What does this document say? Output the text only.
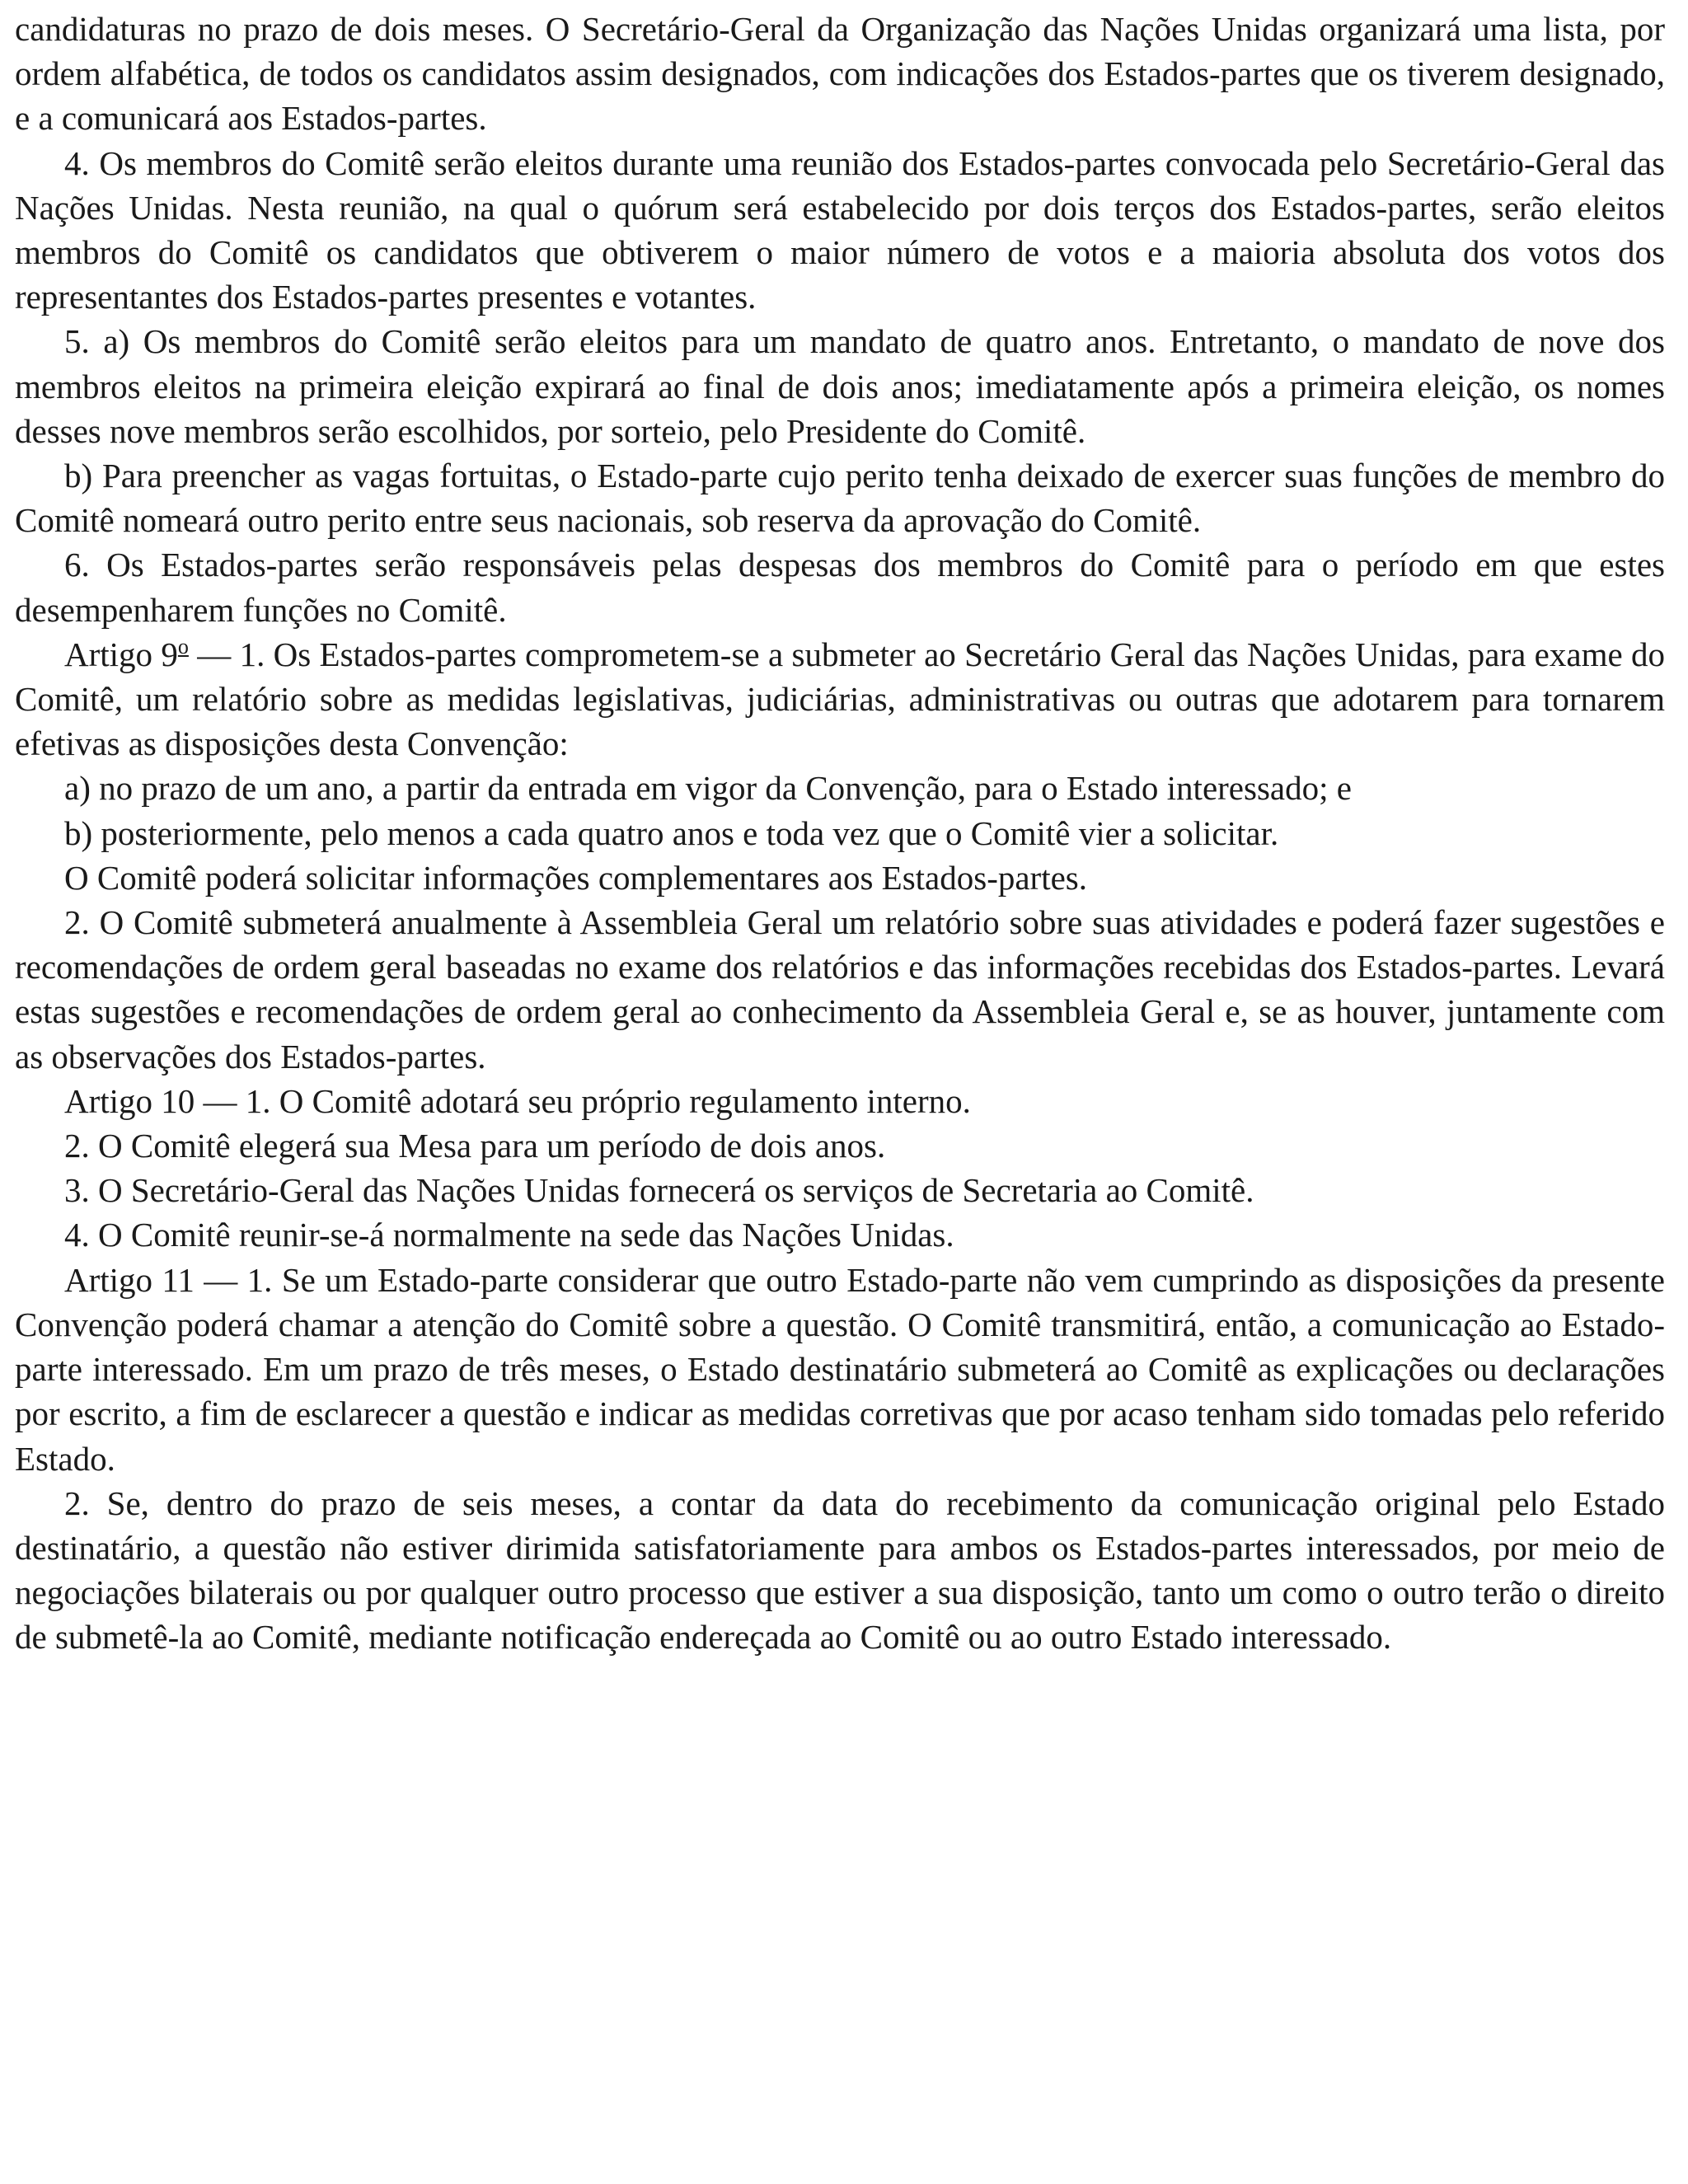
candidaturas no prazo de dois meses. O Secretário-Geral da Organização das Nações Unidas organizará uma lista, por ordem alfabética, de todos os candidatos assim designados, com indicações dos Estados-partes que os tiverem designado, e a comunicará aos Estados-partes.

4. Os membros do Comitê serão eleitos durante uma reunião dos Estados-partes convocada pelo Secretário-Geral das Nações Unidas. Nesta reunião, na qual o quórum será estabelecido por dois terços dos Estados-partes, serão eleitos membros do Comitê os candidatos que obtiverem o maior número de votos e a maioria absoluta dos votos dos representantes dos Estados-partes presentes e votantes.

5. a) Os membros do Comitê serão eleitos para um mandato de quatro anos. Entretanto, o mandato de nove dos membros eleitos na primeira eleição expirará ao final de dois anos; imediatamente após a primeira eleição, os nomes desses nove membros serão escolhidos, por sorteio, pelo Presidente do Comitê.

b) Para preencher as vagas fortuitas, o Estado-parte cujo perito tenha deixado de exercer suas funções de membro do Comitê nomeará outro perito entre seus nacionais, sob reserva da aprovação do Comitê.

6. Os Estados-partes serão responsáveis pelas despesas dos membros do Comitê para o período em que estes desempenharem funções no Comitê.

Artigo 9$^o$ — 1. Os Estados-partes comprometem-se a submeter ao Secretário Geral das Nações Unidas, para exame do Comitê, um relatório sobre as medidas legislativas, judiciárias, administrativas ou outras que adotarem para tornarem efetivas as disposições desta Convenção:

a) no prazo de um ano, a partir da entrada em vigor da Convenção, para o Estado interessado; e

b) posteriormente, pelo menos a cada quatro anos e toda vez que o Comitê vier a solicitar.

O Comitê poderá solicitar informações complementares aos Estados-partes.

2. O Comitê submeterá anualmente à Assembleia Geral um relatório sobre suas atividades e poderá fazer sugestões e recomendações de ordem geral baseadas no exame dos relatórios e das informações recebidas dos Estados-partes. Levará estas sugestões e recomendações de ordem geral ao conhecimento da Assembleia Geral e, se as houver, juntamente com as observações dos Estados-partes.

Artigo 10 — 1. O Comitê adotará seu próprio regulamento interno.

2. O Comitê elegerá sua Mesa para um período de dois anos.

3. O Secretário-Geral das Nações Unidas fornecerá os serviços de Secretaria ao Comitê.

4. O Comitê reunir-se-á normalmente na sede das Nações Unidas.

Artigo 11 — 1. Se um Estado-parte considerar que outro Estado-parte não vem cumprindo as disposições da presente Convenção poderá chamar a atenção do Comitê sobre a questão. O Comitê transmitirá, então, a comunicação ao Estado-parte interessado. Em um prazo de três meses, o Estado destinatário submeterá ao Comitê as explicações ou declarações por escrito, a fim de esclarecer a questão e indicar as medidas corretivas que por acaso tenham sido tomadas pelo referido Estado.

2. Se, dentro do prazo de seis meses, a contar da data do recebimento da comunicação original pelo Estado destinatário, a questão não estiver dirimida satisfatoriamente para ambos os Estados-partes interessados, por meio de negociações bilaterais ou por qualquer outro processo que estiver a sua disposição, tanto um como o outro terão o direito de submetê-la ao Comitê, mediante notificação endereçada ao Comitê ou ao outro Estado interessado.
